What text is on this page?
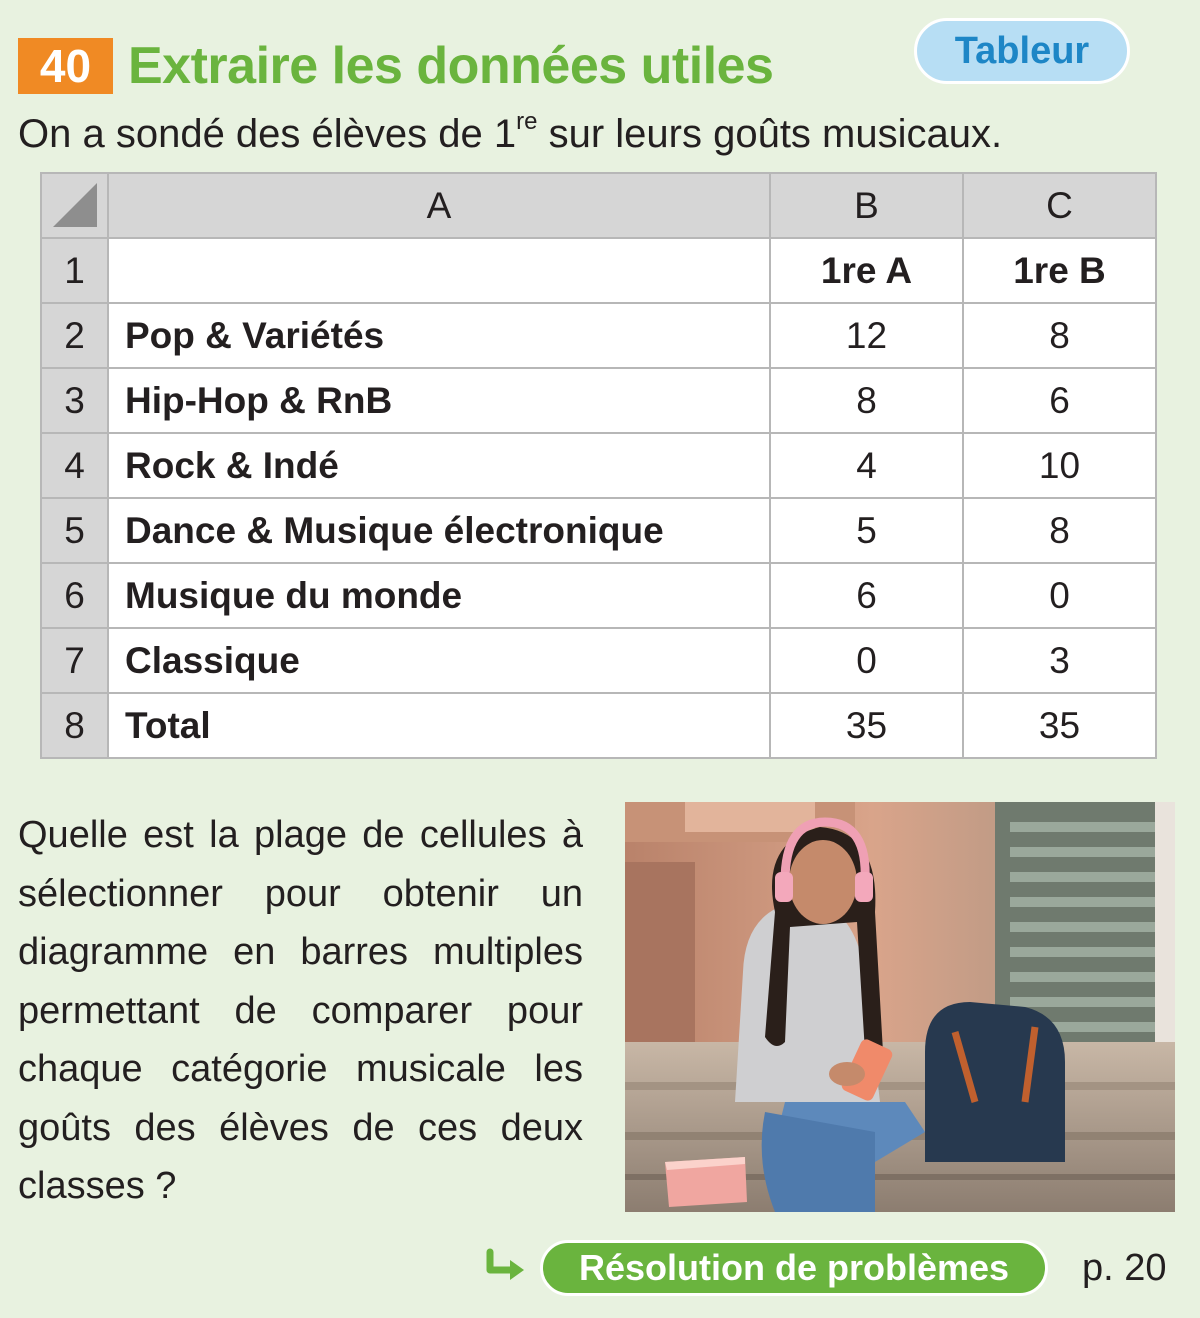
40 Extraire les données utiles	Tableur
On a sondé des élèves de 1re sur leurs goûts musicaux.
	A	B	C
1		1re A	1re B
2	Pop & Variétés	12	8
3	Hip-Hop & RnB	8	6
4	Rock & Indé	4	10
5	Dance & Musique électronique	5	8
6	Musique du monde	6	0
7	Classique	0	3
8	Total	35	35
Quelle est la plage de cellules à sélectionner pour obtenir un diagramme en barres multiples permettant de comparer pour chaque catégorie musicale les goûts des élèves de ces deux classes ?
Résolution de problèmes	p. 20
